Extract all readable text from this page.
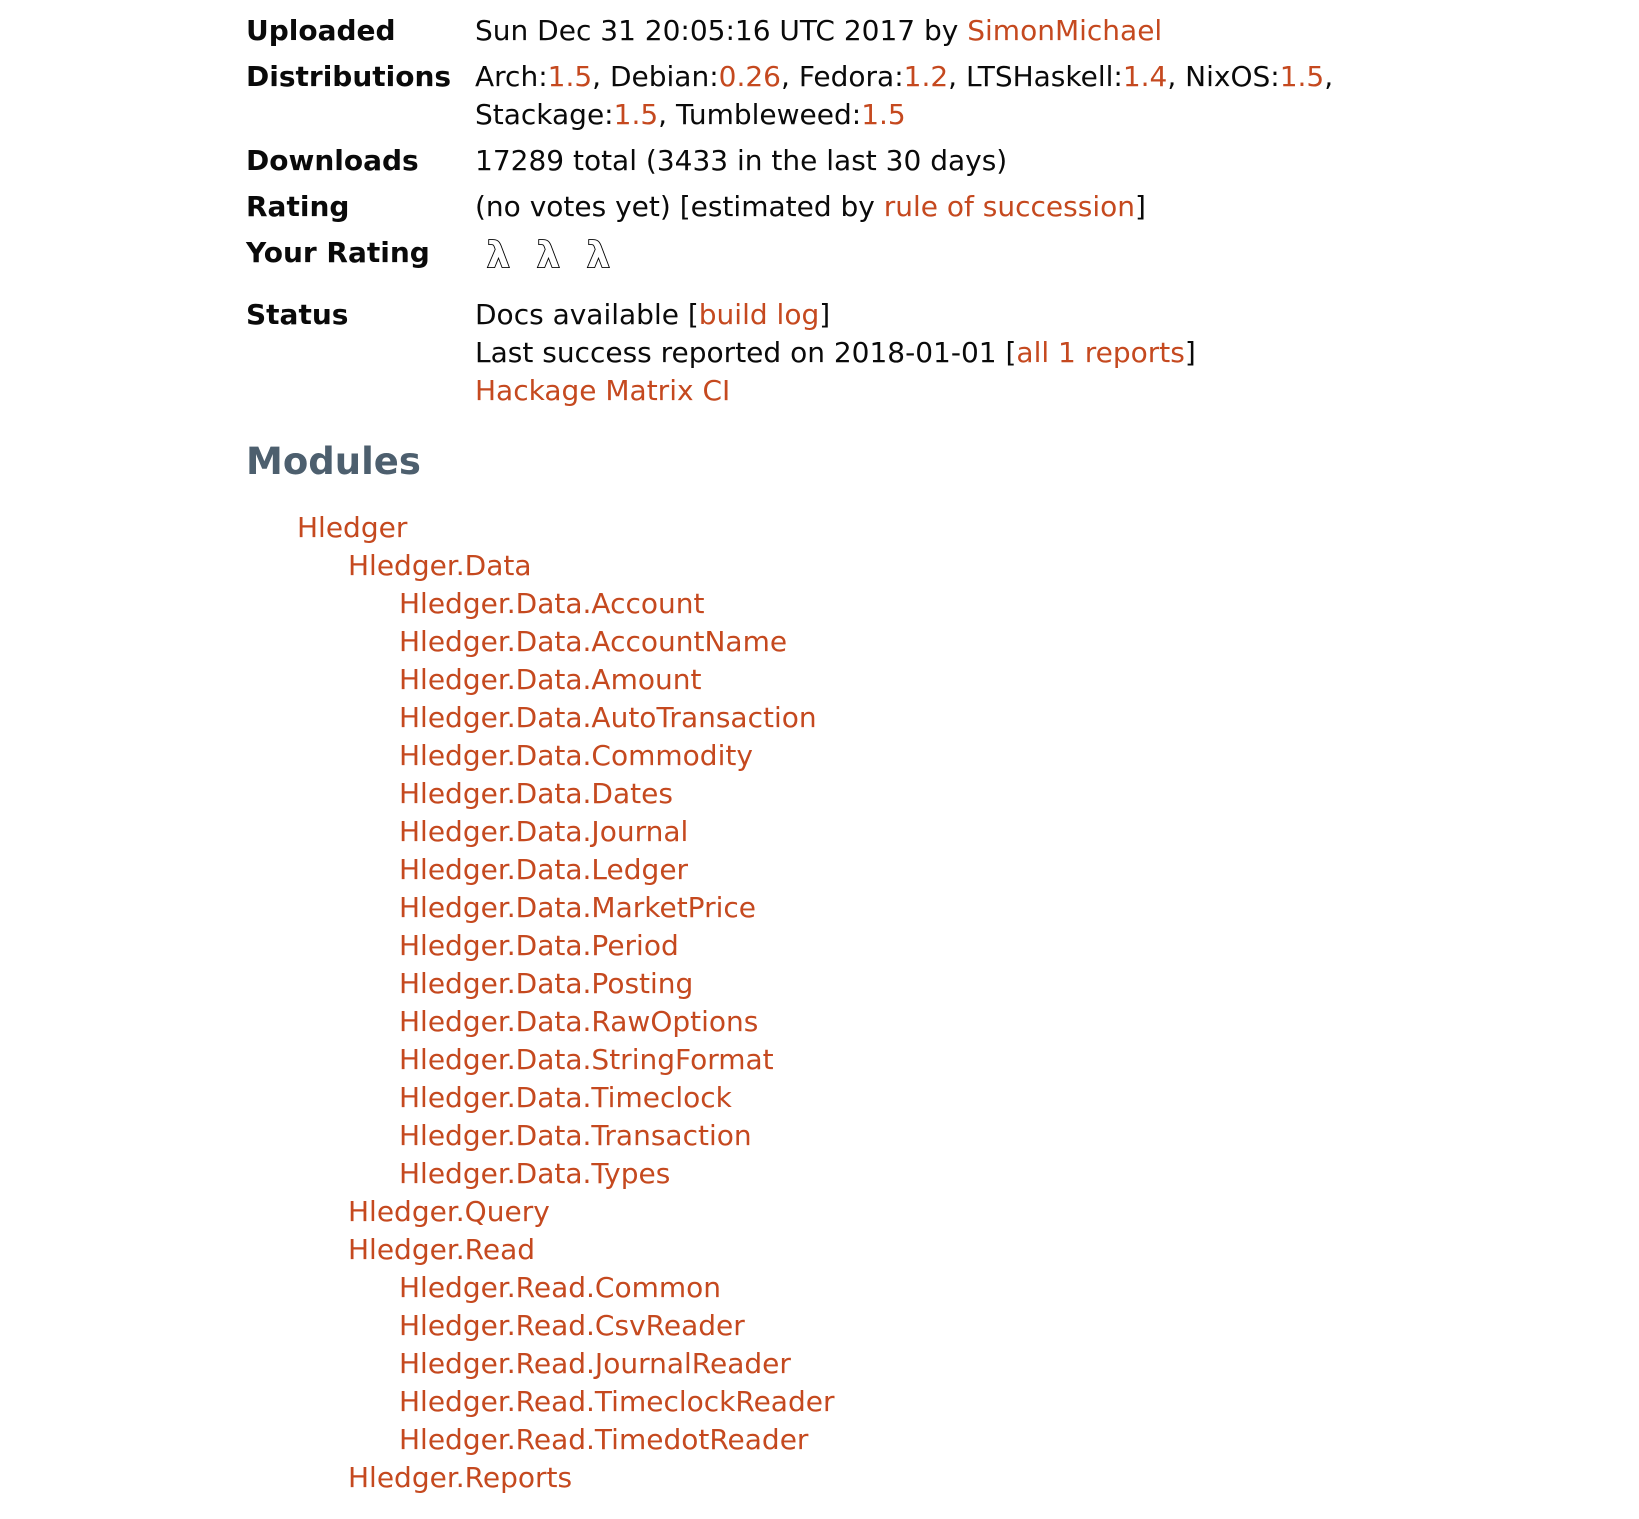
Uploaded	Sun Dec 31 20:05:16 UTC 2017 by SimonMichael
Distributions Arch:1.5, Debian:0.26, Fedora:1.2, LTSHaskell:1.4, NixOS:1.5, Stackage:1.5, Tumbleweed:1.5
Downloads	17289 total (3433 in the last 30 days)
Rating	(no votes yet) [estimated by rule of succession]
Your Rating	λ λ λ
Status	Docs available [build log]
Last success reported on 2018-01-01 [all 1 reports]
Hackage Matrix CI
Modules
Hledger
Hledger.Data
Hledger.Data.Account
Hledger.Data.AccountName
Hledger.Data.Amount
Hledger.Data.AutoTransaction
Hledger.Data.Commodity
Hledger.Data.Dates
Hledger.Data.Journal
Hledger.Data.Ledger
Hledger.Data.MarketPrice
Hledger.Data.Period
Hledger.Data.Posting
Hledger.Data.RawOptions
Hledger.Data.StringFormat
Hledger.Data.Timeclock
Hledger.Data.Transaction
Hledger.Data.Types
Hledger.Query
Hledger.Read
Hledger.Read.Common
Hledger.Read.CsvReader
Hledger.Read.JournalReader
Hledger.Read.TimeclockReader
Hledger.Read.TimedotReader
Hledger.Reports
